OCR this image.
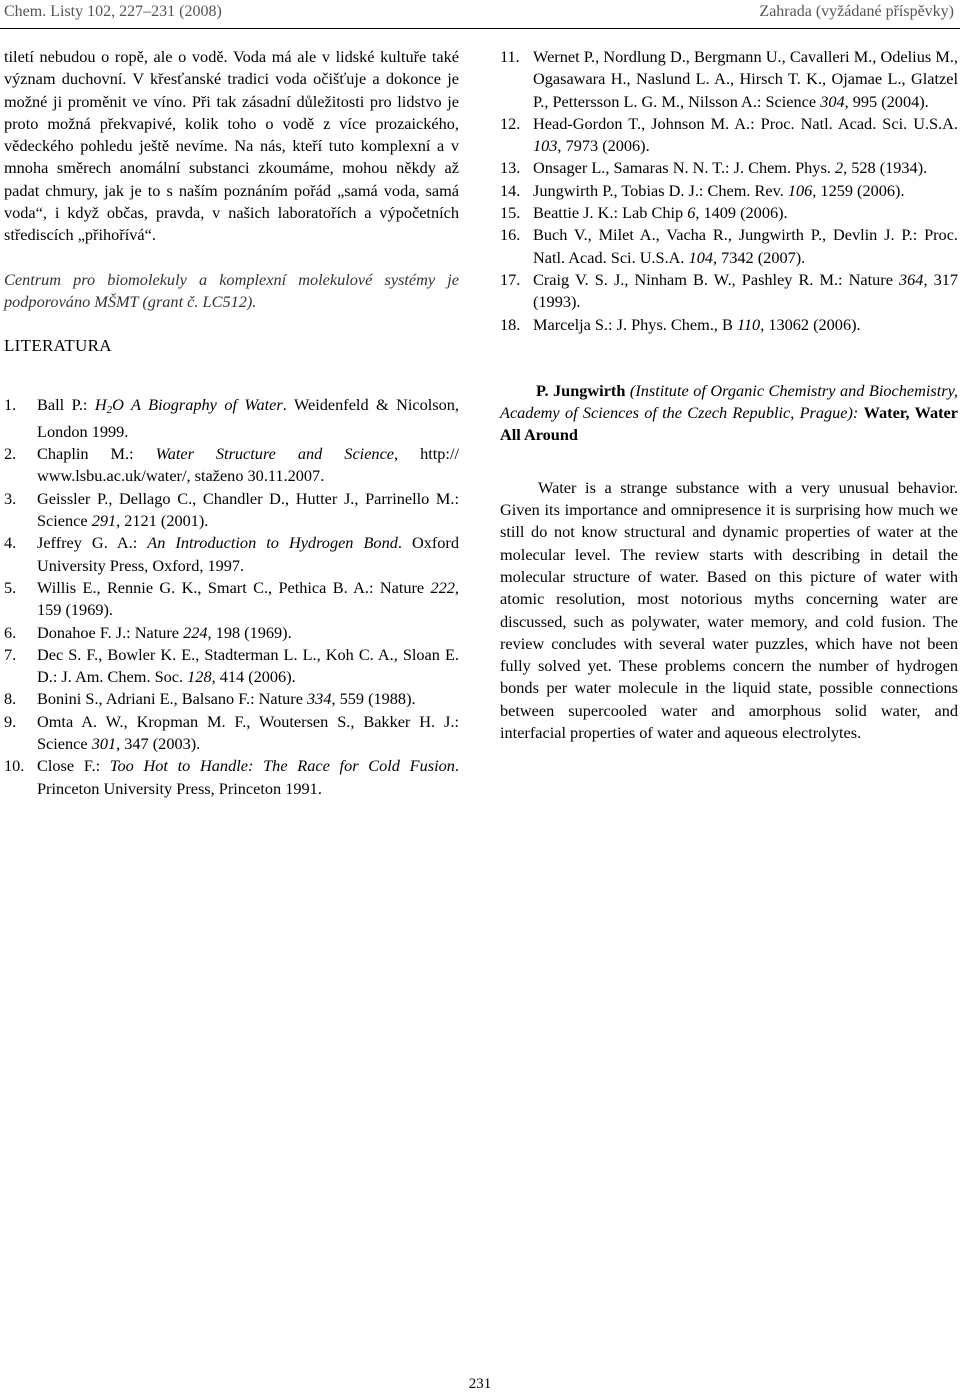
Chem. Listy 102, 227–231 (2008)	Zahrada (vyžádané příspěvky)

tiletí nebudou o ropě, ale o vodě. Voda má ale v lidské kultuře také význam duchovní. V křesťanské tradici voda očišťuje a dokonce je možné ji proměnit ve víno. Při tak zásadní důležitosti pro lidstvo je proto možná překvapivé, kolik toho o vodě z více prozaického, vědeckého pohledu ještě nevíme. Na nás, kteří tuto komplexní a v mnoha směrech anomální substanci zkoumáme, mohou někdy až padat chmury, jak je to s naším poznáním pořád „samá voda, samá voda“, i když občas, pravda, v našich laboratořích a výpočetních střediscích „přihořívá“.

Centrum pro biomolekuly a komplexní molekulové systémy je podporováno MŠMT (grant č. LC512).

LITERATURA
1. Ball P.: $H_2O$ A Biography of Water. Weidenfeld & Nicolson, London 1999.
2. Chaplin M.: Water Structure and Science, http:// www.lsbu.ac.uk/water/, staženo 30.11.2007.
3. Geissler P., Dellago C., Chandler D., Hutter J., Parrinello M.: Science 291, 2121 (2001).
4. Jeffrey G. A.: An Introduction to Hydrogen Bond. Oxford University Press, Oxford, 1997.
5. Willis E., Rennie G. K., Smart C., Pethica B. A.: Nature 222, 159 (1969).
6. Donahoe F. J.: Nature 224, 198 (1969).
7. Dec S. F., Bowler K. E., Stadterman L. L., Koh C. A., Sloan E. D.: J. Am. Chem. Soc. 128, 414 (2006).
8. Bonini S., Adriani E., Balsano F.: Nature 334, 559 (1988).
9. Omta A. W., Kropman M. F., Woutersen S., Bakker H. J.: Science 301, 347 (2003).
10. Close F.: Too Hot to Handle: The Race for Cold Fusion. Princeton University Press, Princeton 1991.
11. Wernet P., Nordlung D., Bergmann U., Cavalleri M., Odelius M., Ogasawara H., Naslund L. A., Hirsch T. K., Ojamae L., Glatzel P., Pettersson L. G. M., Nilsson A.: Science 304, 995 (2004).
12. Head-Gordon T., Johnson M. A.: Proc. Natl. Acad. Sci. U.S.A. 103, 7973 (2006).
13. Onsager L., Samaras N. N. T.: J. Chem. Phys. 2, 528 (1934).
14. Jungwirth P., Tobias D. J.: Chem. Rev. 106, 1259 (2006).
15. Beattie J. K.: Lab Chip 6, 1409 (2006).
16. Buch V., Milet A., Vacha R., Jungwirth P., Devlin J. P.: Proc. Natl. Acad. Sci. U.S.A. 104, 7342 (2007).
17. Craig V. S. J., Ninham B. W., Pashley R. M.: Nature 364, 317 (1993).
18. Marcelja S.: J. Phys. Chem., B 110, 13062 (2006).

P. Jungwirth (Institute of Organic Chemistry and Biochemistry, Academy of Sciences of the Czech Republic, Prague): Water, Water All Around

Water is a strange substance with a very unusual behavior. Given its importance and omnipresence it is surprising how much we still do not know structural and dynamic properties of water at the molecular level. The review starts with describing in detail the molecular structure of water. Based on this picture of water with atomic resolution, most notorious myths concerning water are discussed, such as polywater, water memory, and cold fusion. The review concludes with several water puzzles, which have not been fully solved yet. These problems concern the number of hydrogen bonds per water molecule in the liquid state, possible connections between supercooled water and amorphous solid water, and interfacial properties of water and aqueous electrolytes.

231
